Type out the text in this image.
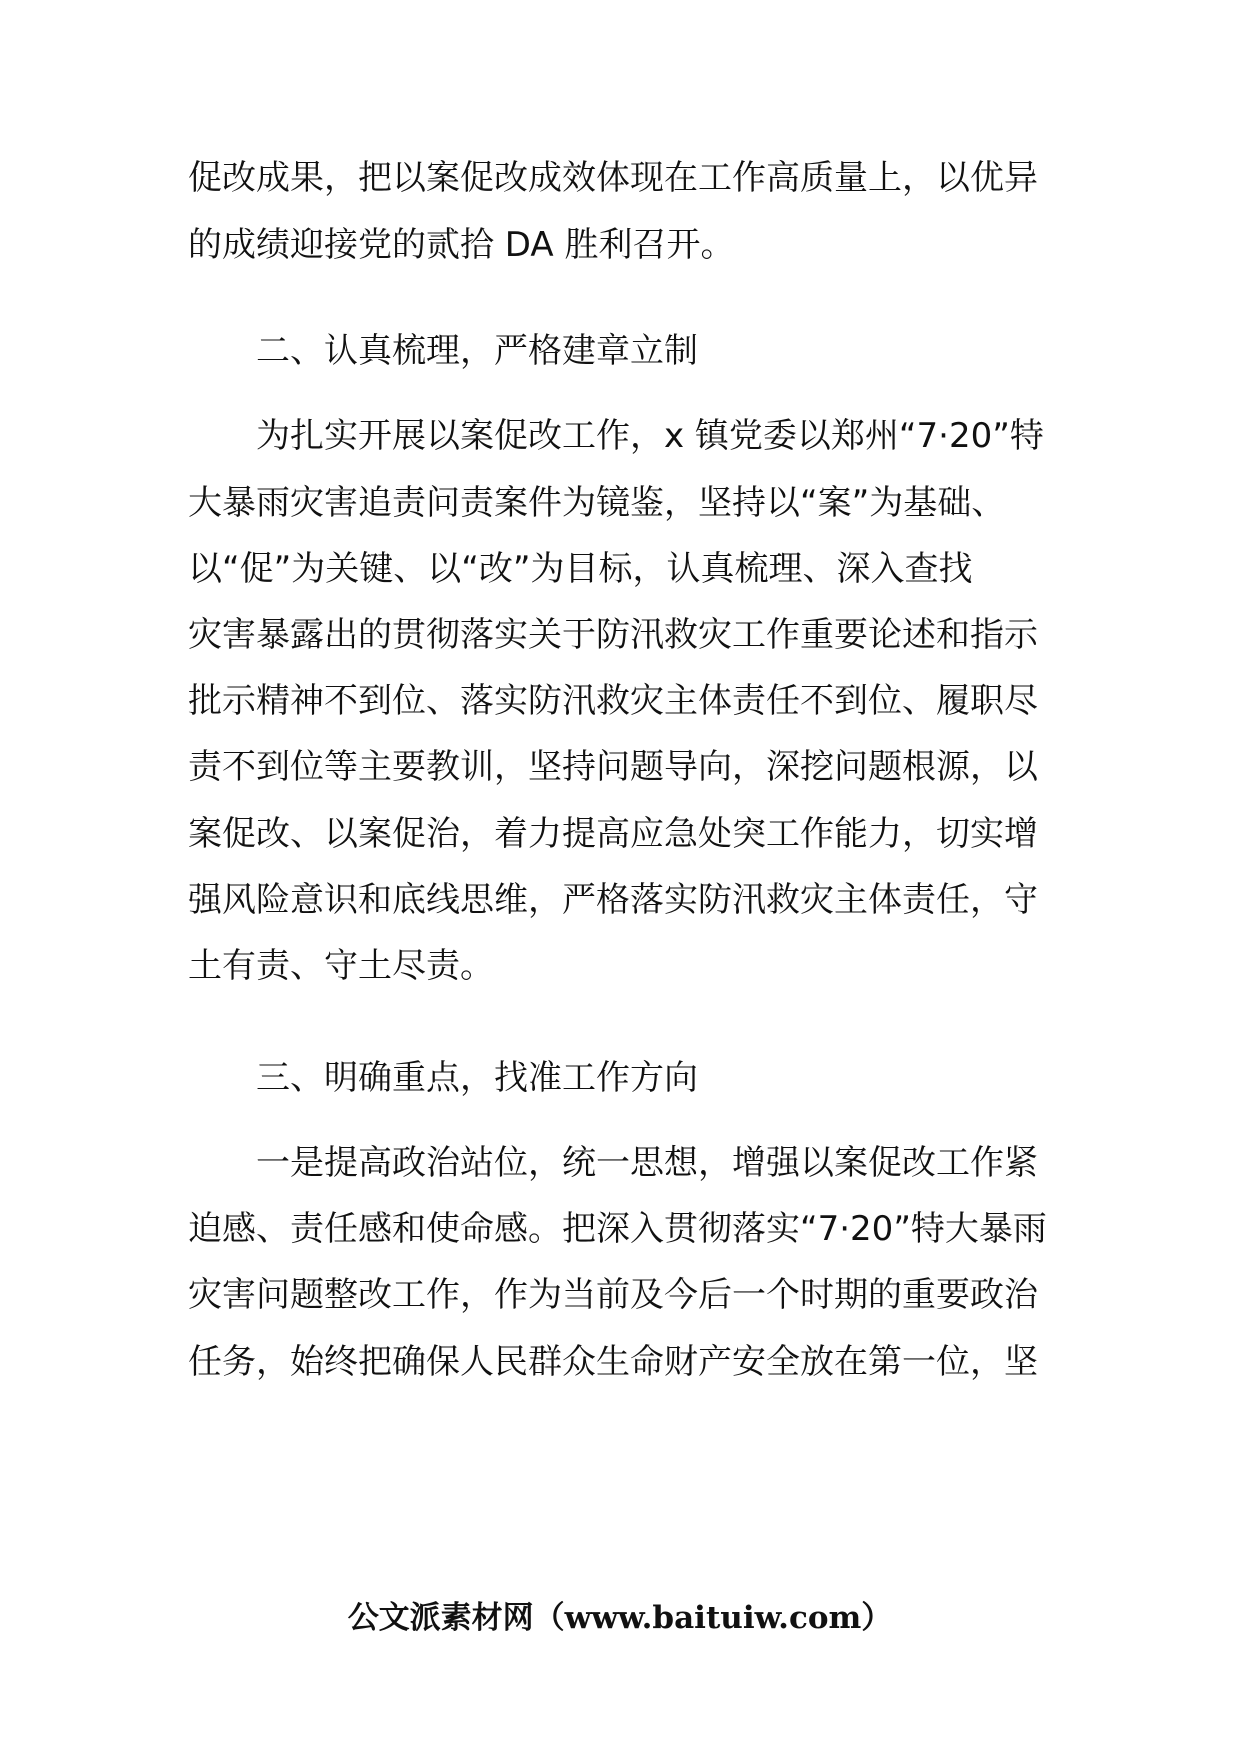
促改成果，把以案促改成效体现在工作高质量上，以优异
的成绩迎接党的贰拾 DA 胜利召开。
二、认真梳理，严格建章立制
为扎实开展以案促改工作，x 镇党委以郑州“7·20”特
大暴雨灾害追责问责案件为镜鉴，坚持以“案”为基础、
以“促”为关键、以“改”为目标，认真梳理、深入查找
灾害暴露出的贯彻落实关于防汛救灾工作重要论述和指示
批示精神不到位、落实防汛救灾主体责任不到位、履职尽
责不到位等主要教训，坚持问题导向，深挖问题根源，以
案促改、以案促治，着力提高应急处突工作能力，切实增
强风险意识和底线思维，严格落实防汛救灾主体责任，守
土有责、守土尽责。
三、明确重点，找准工作方向
一是提高政治站位，统一思想，增强以案促改工作紧
迫感、责任感和使命感。把深入贯彻落实“7·20”特大暴雨
灾害问题整改工作，作为当前及今后一个时期的重要政治
任务，始终把确保人民群众生命财产安全放在第一位，坚
公文派素材网（www.baituiw.com）
